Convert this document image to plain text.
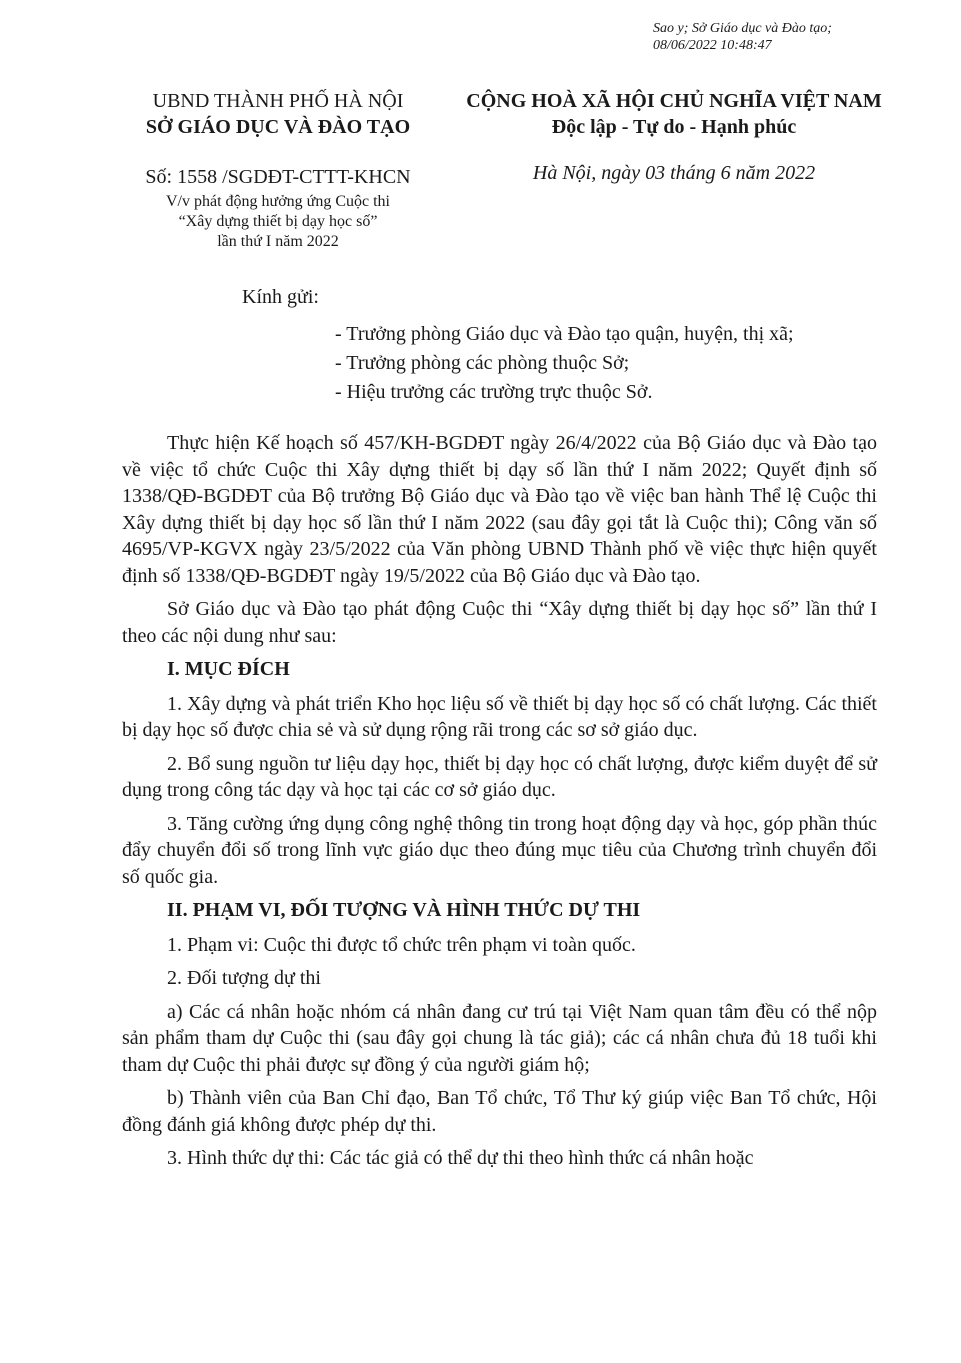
Sao y; Sở Giáo dục và Đào tạo;
08/06/2022 10:48:47
UBND THÀNH PHỐ HÀ NỘI
SỞ GIÁO DỤC VÀ ĐÀO TẠO
CỘNG HOÀ XÃ HỘI CHỦ NGHĨA VIỆT NAM
Độc lập - Tự do - Hạnh phúc
Số: 1558 /SGDĐT-CTTT-KHCN
V/v phát động hưởng ứng Cuộc thi
“Xây dựng thiết bị dạy học số”
lần thứ I năm 2022
Hà Nội, ngày 03 tháng 6 năm 2022
Kính gửi:
- Trưởng phòng Giáo dục và Đào tạo quận, huyện, thị xã;
- Trưởng phòng các phòng thuộc Sở;
- Hiệu trưởng các trường trực thuộc Sở.

Thực hiện Kế hoạch số 457/KH-BGDĐT ngày 26/4/2022 của Bộ Giáo dục và Đào tạo về việc tổ chức Cuộc thi Xây dựng thiết bị dạy số lần thứ I năm 2022; Quyết định số 1338/QĐ-BGDĐT của Bộ trưởng Bộ Giáo dục và Đào tạo về việc ban hành Thể lệ Cuộc thi Xây dựng thiết bị dạy học số lần thứ I năm 2022 (sau đây gọi tắt là Cuộc thi); Công văn số 4695/VP-KGVX ngày 23/5/2022 của Văn phòng UBND Thành phố về việc thực hiện quyết định số 1338/QĐ-BGDĐT ngày 19/5/2022 của Bộ Giáo dục và Đào tạo.

Sở Giáo dục và Đào tạo phát động Cuộc thi “Xây dựng thiết bị dạy học số” lần thứ I theo các nội dung như sau:

I. MỤC ĐÍCH

1. Xây dựng và phát triển Kho học liệu số về thiết bị dạy học số có chất lượng. Các thiết bị dạy học số được chia sẻ và sử dụng rộng rãi trong các sơ sở giáo dục.

2. Bổ sung nguồn tư liệu dạy học, thiết bị dạy học có chất lượng, được kiểm duyệt để sử dụng trong công tác dạy và học tại các cơ sở giáo dục.

3. Tăng cường ứng dụng công nghệ thông tin trong hoạt động dạy và học, góp phần thúc đẩy chuyển đổi số trong lĩnh vực giáo dục theo đúng mục tiêu của Chương trình chuyển đổi số quốc gia.

II. PHẠM VI, ĐỐI TƯỢNG VÀ HÌNH THỨC DỰ THI

1. Phạm vi: Cuộc thi được tổ chức trên phạm vi toàn quốc.

2. Đối tượng dự thi

a) Các cá nhân hoặc nhóm cá nhân đang cư trú tại Việt Nam quan tâm đều có thể nộp sản phẩm tham dự Cuộc thi (sau đây gọi chung là tác giả); các cá nhân chưa đủ 18 tuổi khi tham dự Cuộc thi phải được sự đồng ý của người giám hộ;

b) Thành viên của Ban Chỉ đạo, Ban Tổ chức, Tổ Thư ký giúp việc Ban Tổ chức, Hội đồng đánh giá không được phép dự thi.

3. Hình thức dự thi: Các tác giả có thể dự thi theo hình thức cá nhân hoặc
